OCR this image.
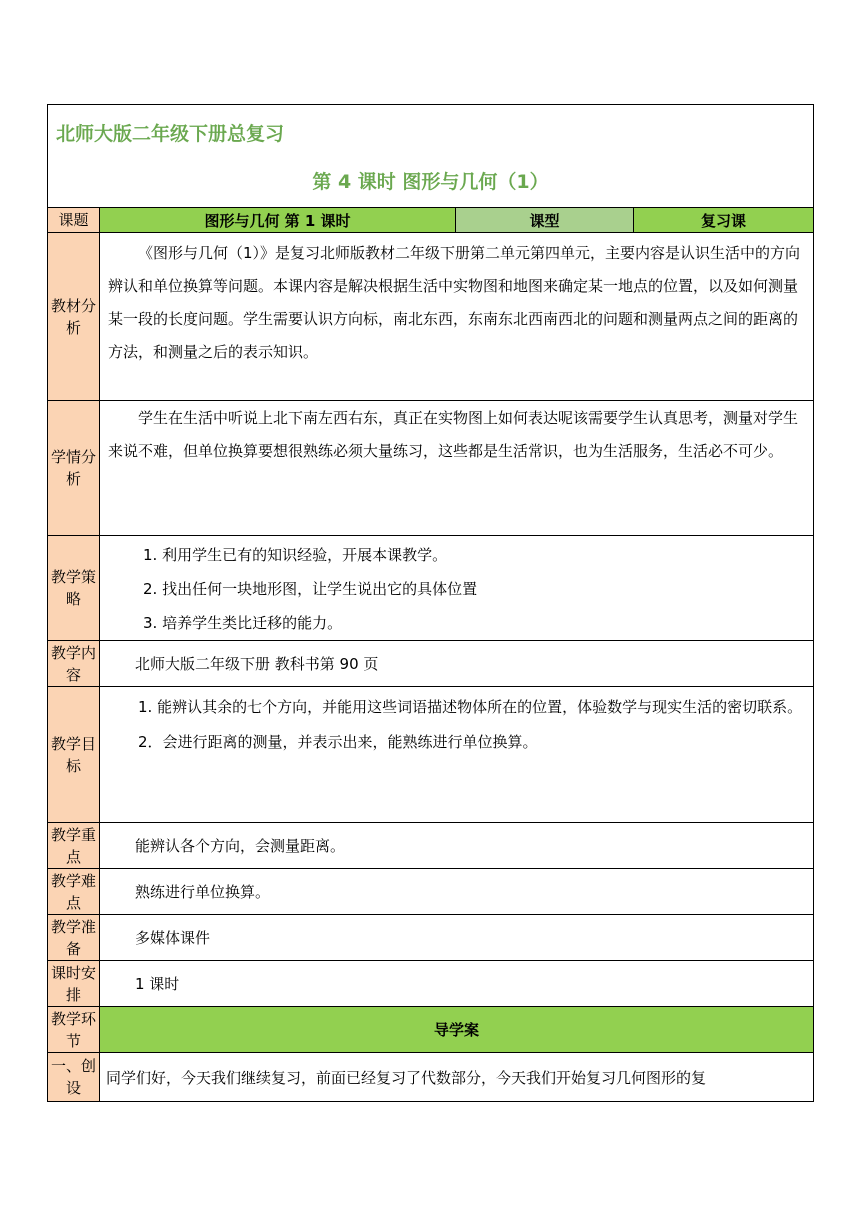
北师大版二年级下册总复习
第 4 课时 图形与几何（1）			

课题	图形与几何 第 1 课时	课型	复习课
教材分析	《图形与几何（1）》是复习北师版教材二年级下册第二单元第四单元，主要内容是认识生活中的方向辨认和单位换算等问题。本课内容是解决根据生活中实物图和地图来确定某一地点的位置，以及如何测量某一段的长度问题。学生需要认识方向标，南北东西，东南东北西南西北的问题和测量两点之间的距离的方法，和测量之后的表示知识。		

学情分析	学生在生活中听说上北下南左西右东，真正在实物图上如何表达呢该需要学生认真思考，测量对学生来说不难，但单位换算要想很熟练必须大量练习，这些都是生活常识，也为生活服务，生活必不可少。		

教学策略	1. 利用学生已有的知识经验，开展本课教学。
2. 找出任何一块地形图，让学生说出它的具体位置
3. 培养学生类比迁移的能力。		

教学内容	北师大版二年级下册 教科书第 90 页		
教学目标	1. 能辨认其余的七个方向，并能用这些词语描述物体所在的位置，体验数学与现实生活的密切联系。
2．会进行距离的测量，并表示出来，能熟练进行单位换算。		

教学重点	能辨认各个方向，会测量距离。		
教学难点	熟练进行单位换算。		
教学准备	多媒体课件		
课时安排	1 课时		
教学环节	导学案		
一、创设	同学们好，今天我们继续复习，前面已经复习了代数部分，今天我们开始复习几何图形的复		
